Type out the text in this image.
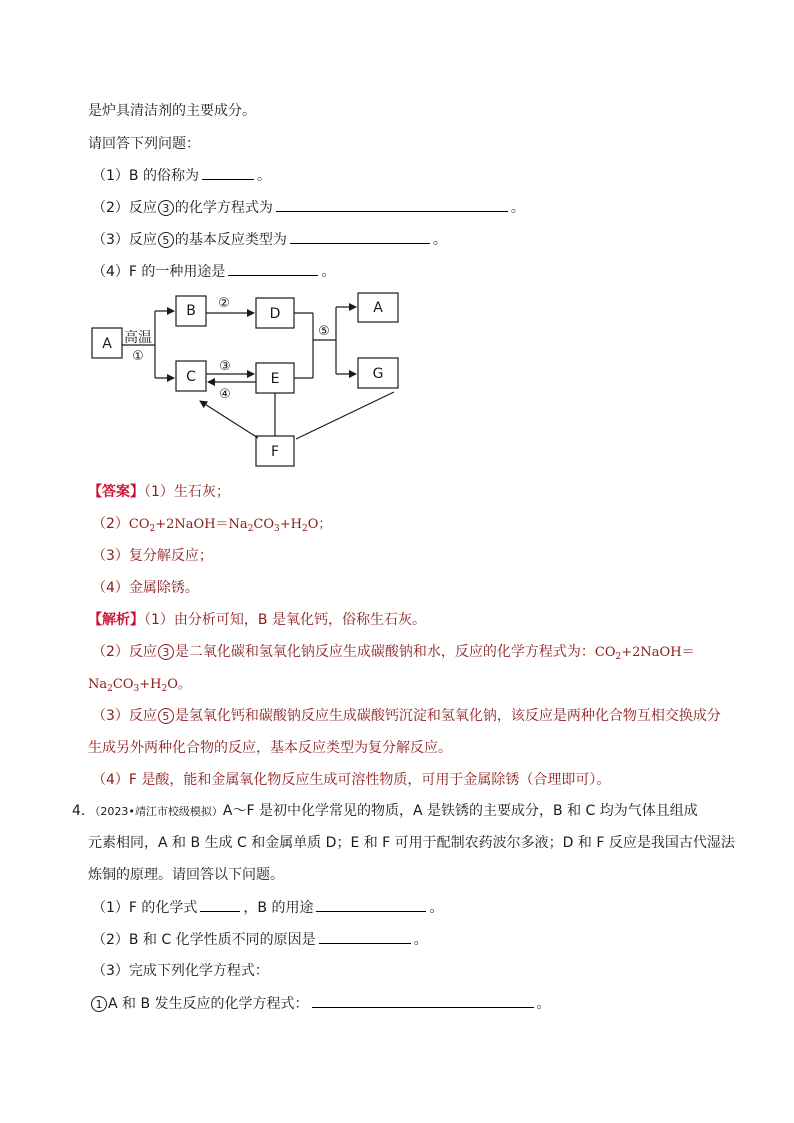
是炉具清洁剂的主要成分。
请回答下列问题：
（1）B 的俗称为	。
（2）反应 3 的化学方程式为	。
（3）反应 5 的基本反应类型为	。
（4）F 的一种用途是	。
A
B
C
D
E
A
G
F
高温
①
②
③
④
⑤
【答案】（1）生石灰；
$(2)CO_2+2NaOH=Na_2CO_3+H_2O$；
（3）复分解反应；
（4）金属除锈。
【解析】（1）由分析可知，B 是氧化钙，俗称生石灰。
（2）反应 3 是二氧化碳和氢氧化钠反应生成碳酸钠和水，反应的化学方程式为：$CO_2+2NaOH=$
$Na_2CO_3+H_2O$。
（3）反应 5 是氢氧化钙和碳酸钠反应生成碳酸钙沉淀和氢氧化钠，该反应是两种化合物互相交换成分
生成另外两种化合物的反应，基本反应类型为复分解反应。
（4）F 是酸，能和金属氧化物反应生成可溶性物质，可用于金属除锈（合理即可）。
4．（2023•靖江市校级模拟）A～F 是初中化学常见的物质，A 是铁锈的主要成分，B 和 C 均为气体且组成
元素相同，A 和 B 生成 C 和金属单质 D；E 和 F 可用于配制农药波尔多液；D 和 F 反应是我国古代湿法
炼铜的原理。请回答以下问题。
（1）F 的化学式	，B 的用途	。
（2）B 和 C 化学性质不同的原因是	。
（3）完成下列化学方程式：
1 A 和 B 发生反应的化学方程式：	。
